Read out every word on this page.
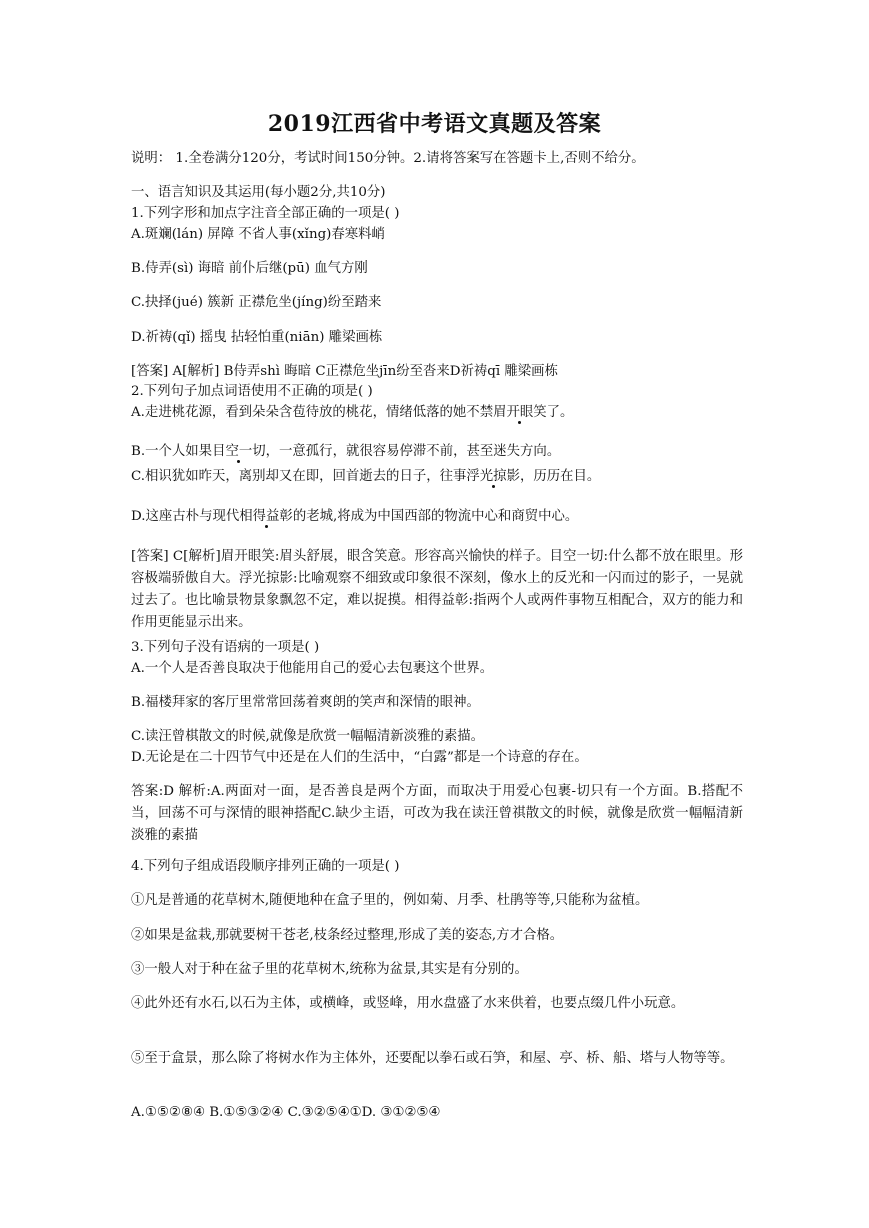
2019江西省中考语文真题及答案
说明： 1.全卷满分120分，考试时间150分钟。2.请将答案写在答题卡上,否则不给分。
一、语言知识及其运用(每小题2分,共10分)
1.下列字形和加点字注音全部正确的一项是( )
A.斑斓(lán) 屏障 不省人事(xǐng)春寒料峭
B.侍弄(sì) 诲暗 前仆后继(pū) 血气方刚
C.抉择(jué) 簇新 正襟危坐(jíng)纷至踏来
D.祈祷(qǐ) 摇曳 拈轻怕重(niān) 雕梁画栋
[答案] A[解析] B侍弄shì 晦暗 C正襟危坐jīn纷至沓来D祈祷qī 雕梁画栋
2.下列句子加点词语使用不正确的项是( )
A.走进桃花源，看到朵朵含苞待放的桃花，情绪低落的她不禁眉开眼笑了。
B.一个人如果目空一切，一意孤行，就很容易停滞不前，甚至迷失方向。
C.相识犹如昨天，离别却又在即，回首逝去的日子，往事浮光掠影，历历在目。
D.这座古朴与现代相得益彰的老城,将成为中国西部的物流中心和商贸中心。
[答案] C[解析]眉开眼笑:眉头舒展，眼含笑意。形容高兴愉快的样子。目空一切:什么都不放在眼里。形容极端骄傲自大。浮光掠影:比喻观察不细致或印象很不深刻，像水上的反光和一闪而过的影子，一晃就过去了。也比喻景物景象飘忽不定，难以捉摸。相得益彰:指两个人或两件事物互相配合，双方的能力和作用更能显示出来。
3.下列句子没有语病的一项是( )
A.一个人是否善良取决于他能用自己的爱心去包裹这个世界。
B.福楼拜家的客厅里常常回荡着爽朗的笑声和深情的眼神。
C.读汪曾棋散文的时候,就像是欣赏一幅幅清新淡雅的素描。
D.无论是在二十四节气中还是在人们的生活中，“白露”都是一个诗意的存在。
答案:D 解析:A.两面对一面，是否善良是两个方面，而取决于用爱心包裹-切只有一个方面。B.搭配不当，回荡不可与深情的眼神搭配C.缺少主语，可改为我在读汪曾祺散文的时候，就像是欣赏一幅幅清新淡雅的素描
4.下列句子组成语段顺序排列正确的一项是( )
①凡是普通的花草树木,随便地种在盒子里的，例如菊、月季、杜鹃等等,只能称为盆植。
②如果是盆栽,那就要树干苍老,枝条经过整理,形成了美的姿态,方才合格。
③一般人对于种在盆子里的花草树木,统称为盆景,其实是有分别的。
④此外还有水石,以石为主体，或横峰，或竖峰，用水盘盛了水来供着，也要点缀几件小玩意。
⑤至于盒景，那么除了将树水作为主体外，还要配以拳石或石笋，和屋、亭、桥、船、塔与人物等等。
A.①⑤②⑧④ B.①⑤③②④ C.③②⑤④①D. ③①②⑤④
